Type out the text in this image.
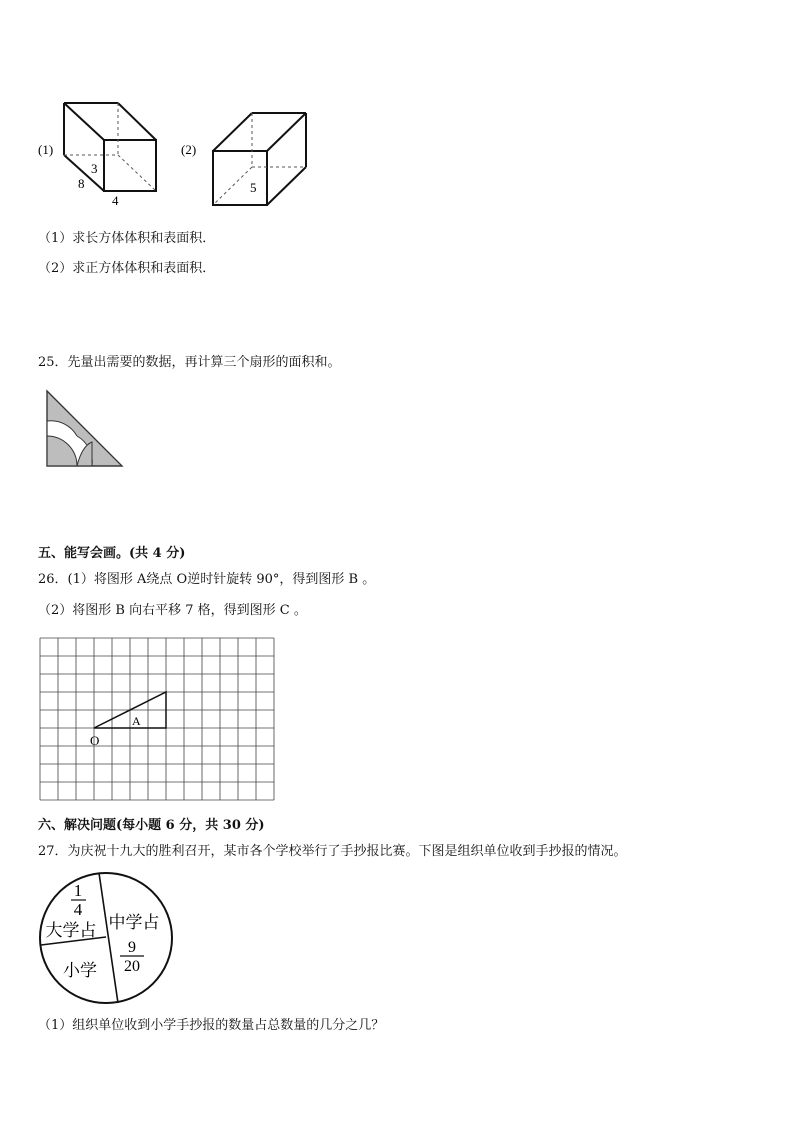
(1)
3
8
4
(2)
5
（1）求长方体体积和表面积．
（2）求正方体体积和表面积．
25．先量出需要的数据，再计算三个扇形的面积和。
五、能写会画。(共 4 分)
26．(1）将图形 A绕点 O逆时针旋转 90°，得到图形 B 。
（2）将图形 B 向右平移 7 格，得到图形 C 。
A
O
六、解决问题(每小题 6 分，共 30 分)
27．为庆祝十九大的胜利召开，某市各个学校举行了手抄报比赛。下图是组织单位收到手抄报的情况。
1
4
大学占 中学占
9
20
小学
（1）组织单位收到小学手抄报的数量占总数量的几分之几？
